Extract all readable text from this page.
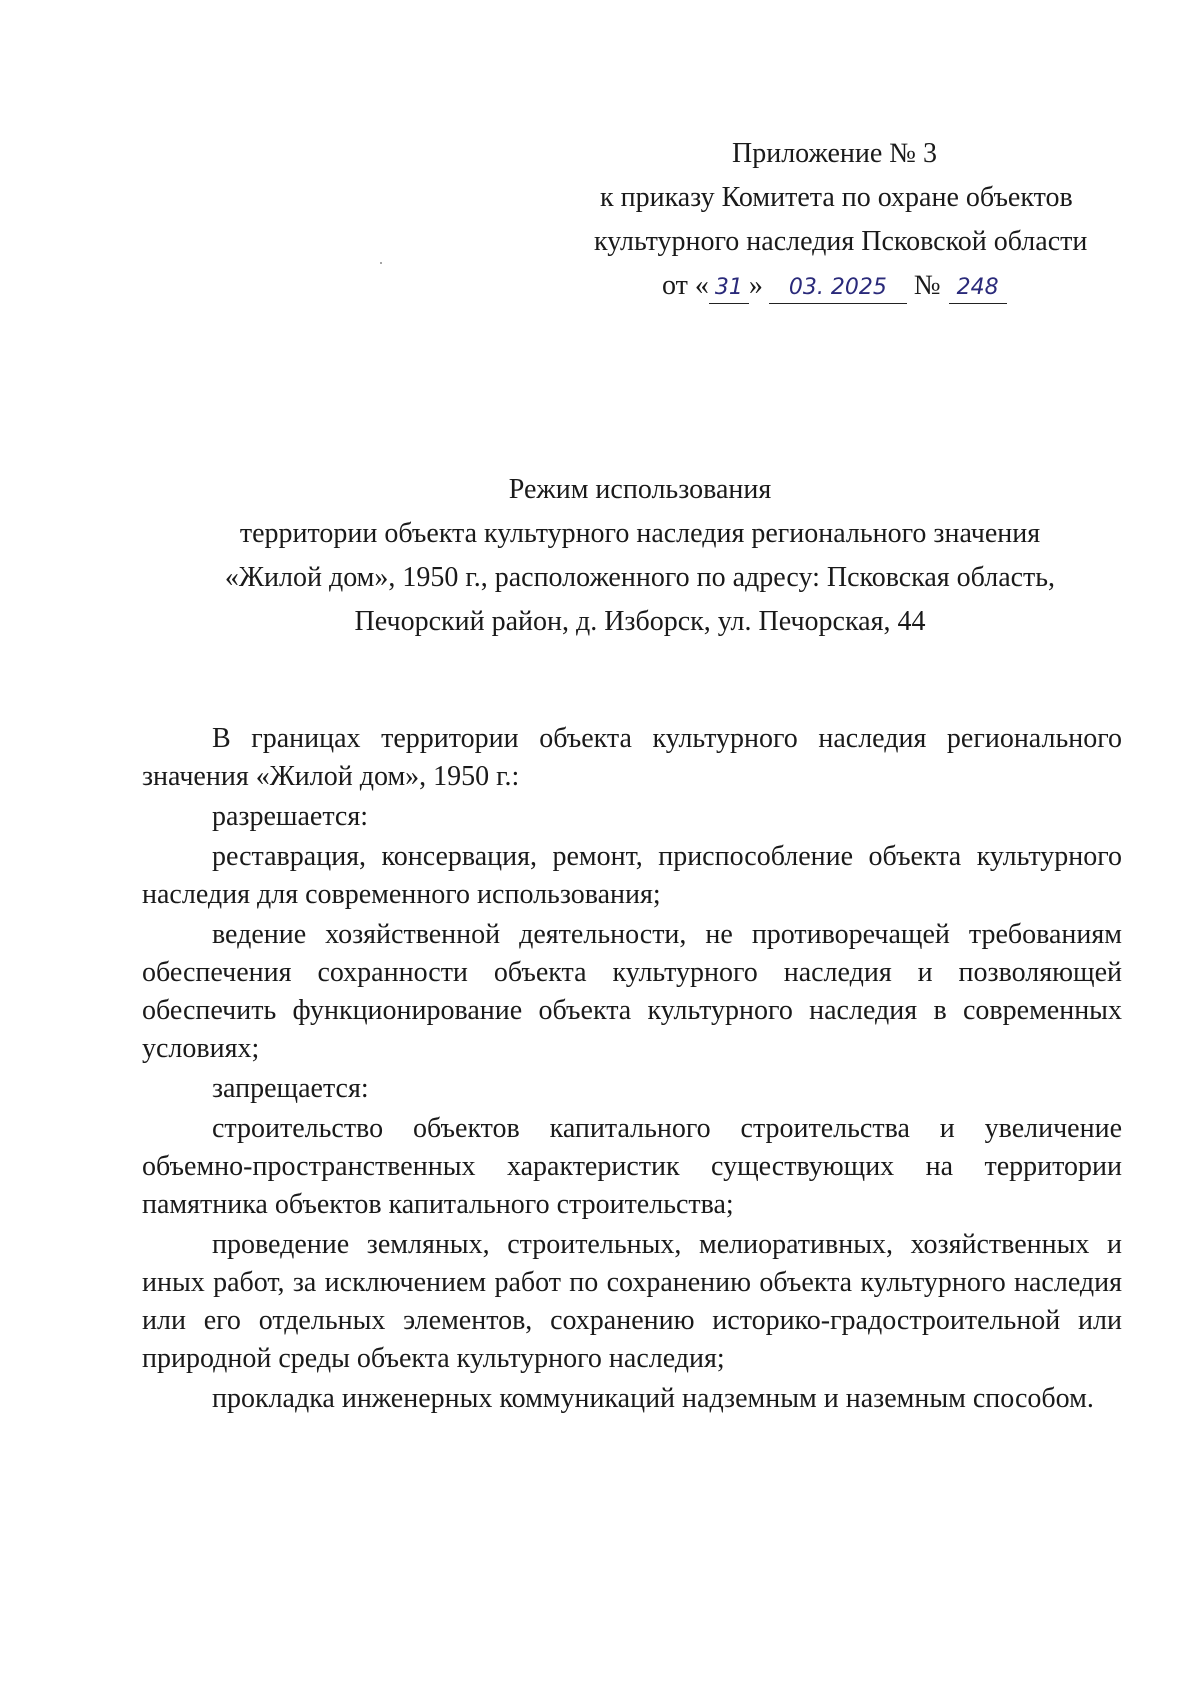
Приложение № 3
к приказу Комитета по охране объектов
культурного наследия Псковской области
от « 31 » 03. 2025 № 248
Режим использования
территории объекта культурного наследия регионального значения
«Жилой дом», 1950 г., расположенного по адресу: Псковская область,
Печорский район, д. Изборск, ул. Печорская, 44

В границах территории объекта культурного наследия регионального значения «Жилой дом», 1950 г.:

разрешается:

реставрация, консервация, ремонт, приспособление объекта культурного наследия для современного использования;

ведение хозяйственной деятельности, не противоречащей требованиям обеспечения сохранности объекта культурного наследия и позволяющей обеспечить функционирование объекта культурного наследия в современных условиях;

запрещается:

строительство объектов капитального строительства и увеличение объемно-пространственных характеристик существующих на территории памятника объектов капитального строительства;

проведение земляных, строительных, мелиоративных, хозяйственных и иных работ, за исключением работ по сохранению объекта культурного наследия или его отдельных элементов, сохранению историко-градостроительной или природной среды объекта культурного наследия;

прокладка инженерных коммуникаций надземным и наземным способом.
